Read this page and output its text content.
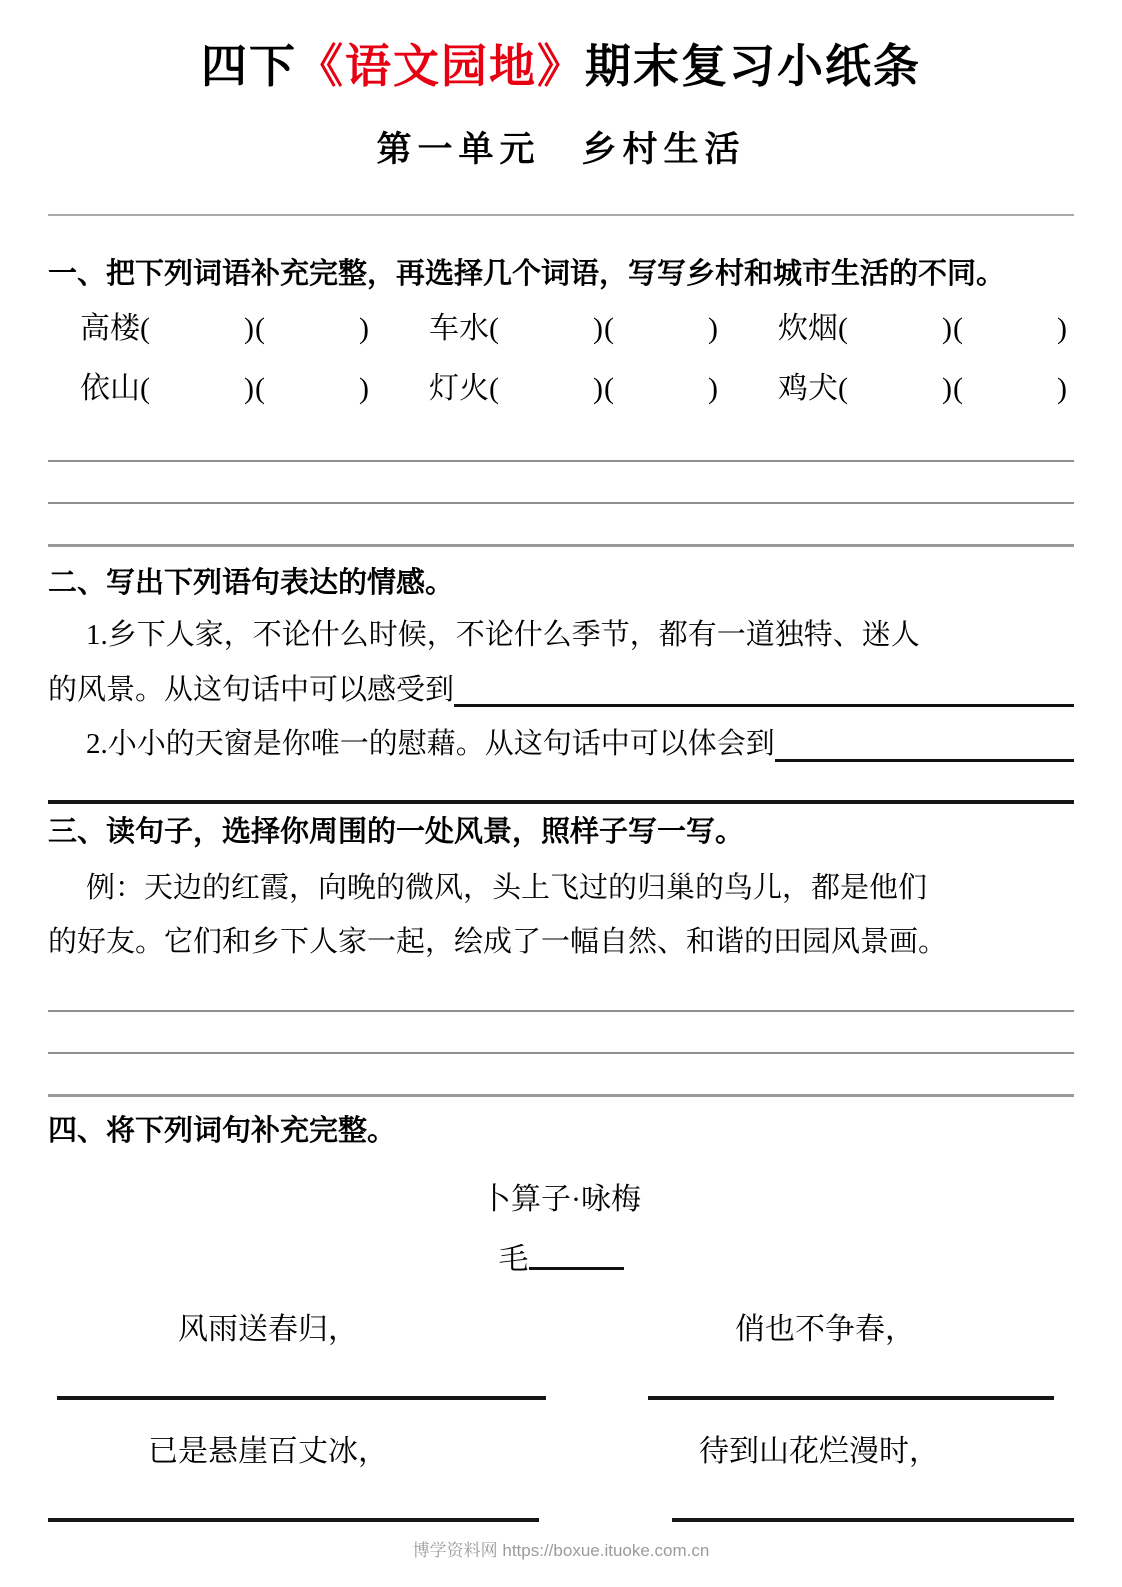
四下《语文园地》期末复习小纸条
第一单元　乡村生活
一、把下列词语补充完整，再选择几个词语，写写乡村和城市生活的不同。
高楼(　　　)(　　　) 车水(　　　)(　　　) 炊烟(　　　)(　　　)
依山(　　　)(　　　) 灯火(　　　)(　　　) 鸡犬(　　　)(　　　)
二、写出下列语句表达的情感。
1.乡下人家，不论什么时候，不论什么季节，都有一道独特、迷人
的风景。从这句话中可以感受到
2.小小的天窗是你唯一的慰藉。从这句话中可以体会到
三、读句子，选择你周围的一处风景，照样子写一写。
例：天边的红霞，向晚的微风，头上飞过的归巢的鸟儿，都是他们
的好友。它们和乡下人家一起，绘成了一幅自然、和谐的田园风景画。
四、将下列词句补充完整。
卜算子·咏梅
毛
风雨送春归，	俏也不争春，
已是悬崖百丈冰，	待到山花烂漫时，
博学资料网 https://boxue.ituoke.com.cn
